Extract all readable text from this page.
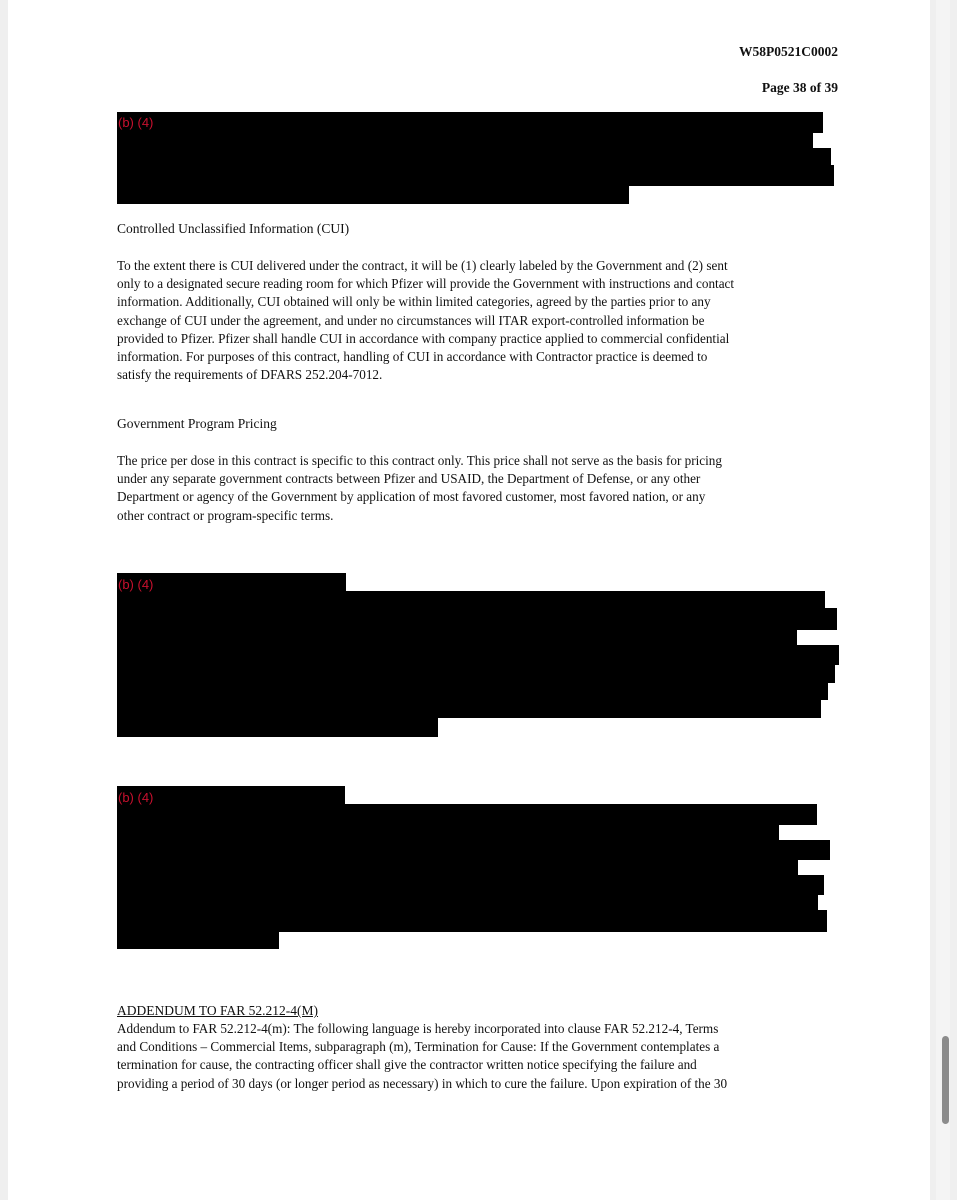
W58P0521C0002
Page 38 of 39
(b) (4)
Controlled Unclassified Information (CUI)
To the extent there is CUI delivered under the contract, it will be (1) clearly labeled by the Government and (2) sent
only to a designated secure reading room for which Pfizer will provide the Government with instructions and contact
information. Additionally, CUI obtained will only be within limited categories, agreed by the parties prior to any
exchange of CUI under the agreement, and under no circumstances will ITAR export-controlled information be
provided to Pfizer. Pfizer shall handle CUI in accordance with company practice applied to commercial confidential
information. For purposes of this contract, handling of CUI in accordance with Contractor practice is deemed to
satisfy the requirements of DFARS 252.204-7012.
Government Program Pricing
The price per dose in this contract is specific to this contract only. This price shall not serve as the basis for pricing
under any separate government contracts between Pfizer and USAID, the Department of Defense, or any other
Department or agency of the Government by application of most favored customer, most favored nation, or any
other contract or program-specific terms.
(b) (4)
(b) (4)
ADDENDUM TO FAR 52.212-4(M)
Addendum to FAR 52.212-4(m): The following language is hereby incorporated into clause FAR 52.212-4, Terms
and Conditions – Commercial Items, subparagraph (m), Termination for Cause: If the Government contemplates a
termination for cause, the contracting officer shall give the contractor written notice specifying the failure and
providing a period of 30 days (or longer period as necessary) in which to cure the failure. Upon expiration of the 30
